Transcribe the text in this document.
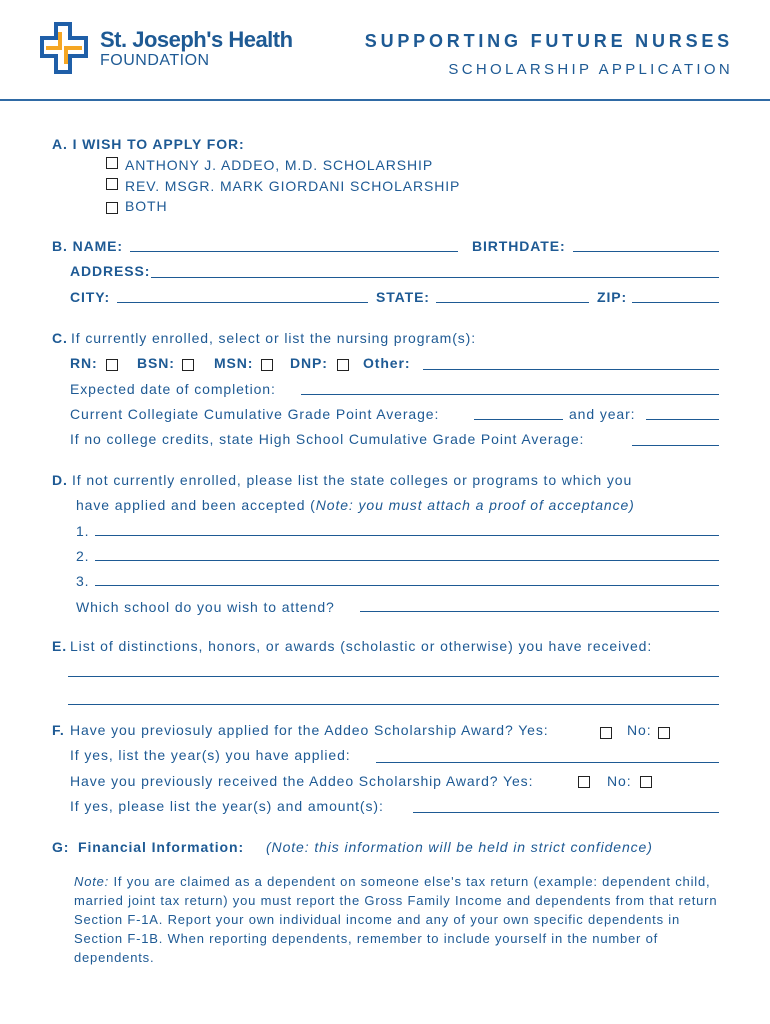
St. Joseph's Health
FOUNDATION
SUPPORTING FUTURE NURSES
SCHOLARSHIP APPLICATION
A. I WISH TO APPLY FOR:
ANTHONY J. ADDEO, M.D. SCHOLARSHIP
REV. MSGR. MARK GIORDANI SCHOLARSHIP
BOTH
B. NAME:	BIRTHDATE:
ADDRESS:
CITY:	STATE:	ZIP:
C. If currently enrolled, select or list the nursing program(s):
RN:	BSN:	MSN:	DNP:	Other:
Expected date of completion:
Current Collegiate Cumulative Grade Point Average:	and year:
If no college credits, state High School Cumulative Grade Point Average:
D. If not currently enrolled, please list the state colleges or programs to which you
have applied and been accepted (Note: you must attach a proof of acceptance)
1.
2.
3.
Which school do you wish to attend?
E. List of distinctions, honors, or awards (scholastic or otherwise) you have received:
F. Have you previosuly applied for the Addeo Scholarship Award? Yes:	No:
If yes, list the year(s) you have applied:
Have you previously received the Addeo Scholarship Award? Yes:	No:
If yes, please list the year(s) and amount(s):
G: Financial Information: (Note: this information will be held in strict confidence)
Note: If you are claimed as a dependent on someone else's tax return (example: dependent child, married joint tax return) you must report the Gross Family Income and dependents from that return Section F-1A. Report your own individual income and any of your own specific dependents in Section F-1B. When reporting dependents, remember to include yourself in the number of dependents.
